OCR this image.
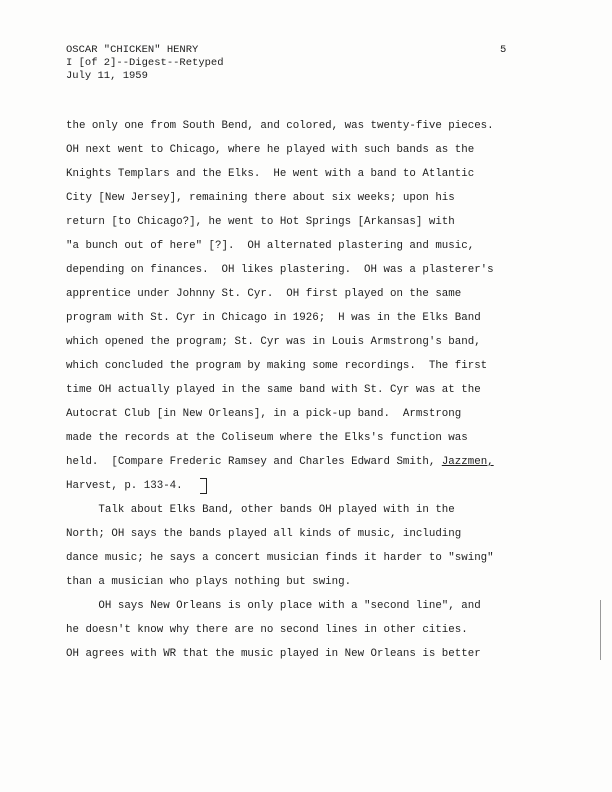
OSCAR "CHICKEN" HENRY
I [of 2]--Digest--Retyped
July 11, 1959
5
the only one from South Bend, and colored, was twenty-five pieces.
OH next went to Chicago, where he played with such bands as the
Knights Templars and the Elks.  He went with a band to Atlantic
City [New Jersey], remaining there about six weeks; upon his
return [to Chicago?], he went to Hot Springs [Arkansas] with
"a bunch out of here" [?].  OH alternated plastering and music,
depending on finances.  OH likes plastering.  OH was a plasterer's
apprentice under Johnny St. Cyr.  OH first played on the same
program with St. Cyr in Chicago in 1926;  H was in the Elks Band
which opened the program; St. Cyr was in Louis Armstrong's band,
which concluded the program by making some recordings.  The first
time OH actually played in the same band with St. Cyr was at the
Autocrat Club [in New Orleans], in a pick-up band.  Armstrong
made the records at the Coliseum where the Elks's function was
held.  [Compare Frederic Ramsey and Charles Edward Smith, Jazzmen,
Harvest, p. 133-4.
Talk about Elks Band, other bands OH played with in the
North; OH says the bands played all kinds of music, including
dance music; he says a concert musician finds it harder to "swing"
than a musician who plays nothing but swing.
OH says New Orleans is only place with a "second line", and
he doesn't know why there are no second lines in other cities.
OH agrees with WR that the music played in New Orleans is better
